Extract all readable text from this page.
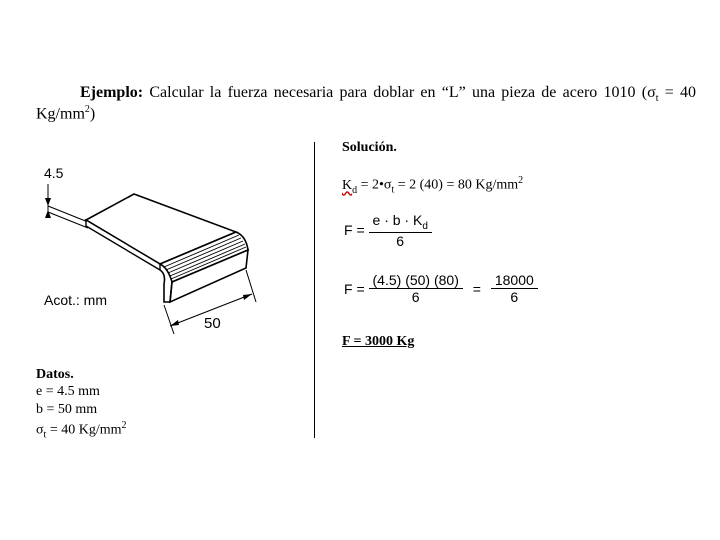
Ejemplo: Calcular la fuerza necesaria para doblar en “L” una pieza de acero 1010 ($\sigma_t = 40$
$Kg/mm^2$)
4.5
Acot.: mm
50
Solución.
$K_d$ = $2•\sigma_t = 2$ (40) = 80 $Kg/mm^2$
$F = \frac{e \cdot b \cdot K_d}{6}$
$F = \frac{(4.5) (50) (80)}{6} = \frac{18000}{6}$
F = 3000 Kg
Datos.
e = 4.5 mm
b = 50 mm
$\sigma_t = 40$ $Kg/mm^2$
